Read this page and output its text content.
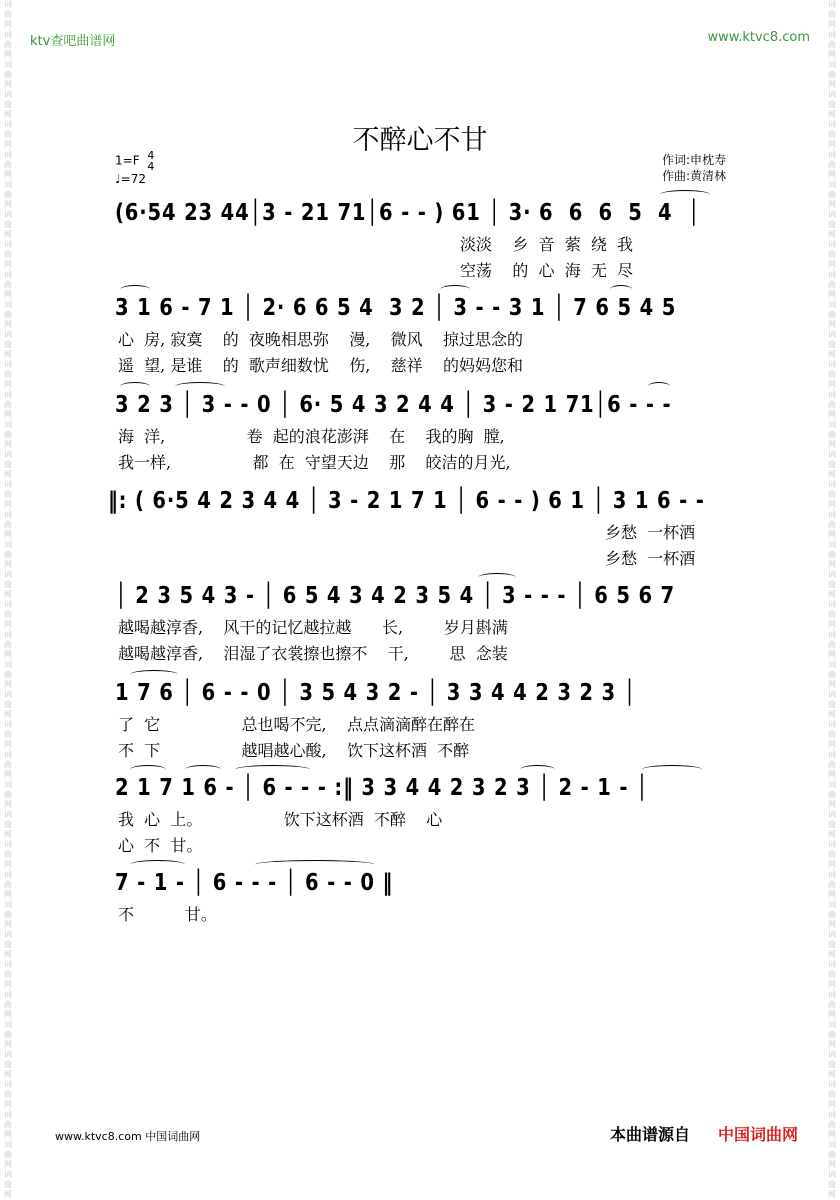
词曲网 词曲网 词曲网 词曲网 词曲网 词曲网 词曲网 词曲网 词曲网 词曲网 词曲网 词曲网 词曲网 词曲网 词曲网 词曲网 词曲网 词曲网 词曲网 词曲网 词曲网 词曲网 词曲网 词曲网 词曲网 词曲网 词曲网 词曲网 词曲网 词曲网 词曲网 词曲网 词曲网 词曲网 词曲网 词曲网 词曲网 词曲网 词曲网 词曲网
词曲网 词曲网 词曲网 词曲网 词曲网 词曲网 词曲网 词曲网 词曲网 词曲网 词曲网 词曲网 词曲网 词曲网 词曲网 词曲网 词曲网 词曲网 词曲网 词曲网 词曲网 词曲网 词曲网 词曲网 词曲网 词曲网 词曲网 词曲网 词曲网 词曲网 词曲网 词曲网 词曲网 词曲网 词曲网 词曲网 词曲网 词曲网 词曲网 词曲网
ktv查吧曲谱网	www.ktvc8.com
不醉心不甘
1=F 4
4
♩=72
作词:申枕寿
作曲:黄清林
(6·54 23 44│3 - 21 71│6 - - ) 61 │ 3· 6  6  6  5  4  │
淡淡    乡  音  萦  绕  我
空荡    的  心  海  无  尽
3 1 6 - 7 1 │ 2· 6 6 5 4  3 2 │ 3 - - 3 1 │ 7 6 5 4 5
心  房, 寂寞    的  夜晚相思弥    漫,    微风    掠过思念的
遥  望, 是谁    的  歌声细数忧    伤,    慈祥    的妈妈您和
3 2 3 │ 3 - - 0 │ 6· 5 4 3 2 4 4 │ 3 - 2 1 71│6 - - -
海  洋,                卷  起的浪花澎湃    在    我的胸  膛,
我一样,                都  在  守望天边    那    皎洁的月光,
‖: ( 6·5 4 2 3 4 4 │ 3 - 2 1 7 1 │ 6 - - ) 6 1 │ 3 1 6 - -
乡愁  一杯酒
乡愁  一杯酒
│ 2 3 5 4 3 - │ 6 5 4 3 4 2 3 5 4 │ 3 - - - │ 6 5 6 7
越喝越淳香,    风干的记忆越拉越      长,        岁月斟满
越喝越淳香,    泪湿了衣裳擦也擦不    干,        思  念装
1 7 6 │ 6 - - 0 │ 3 5 4 3 2 - │ 3 3 4 4 2 3 2 3 │
了  它                总也喝不完,    点点滴滴醉在醉在
不  下                越唱越心酸,    饮下这杯酒  不醉
2 1 7 1 6 - │ 6 - - - :‖ 3 3 4 4 2 3 2 3 │ 2 - 1 - │
我  心  上。                饮下这杯酒  不醉    心
心  不  甘。
7 - 1 - │ 6 - - - │ 6 - - 0 ‖
不          甘。
www.ktvc8.com 中国词曲网	本曲谱源自 中国词曲网
